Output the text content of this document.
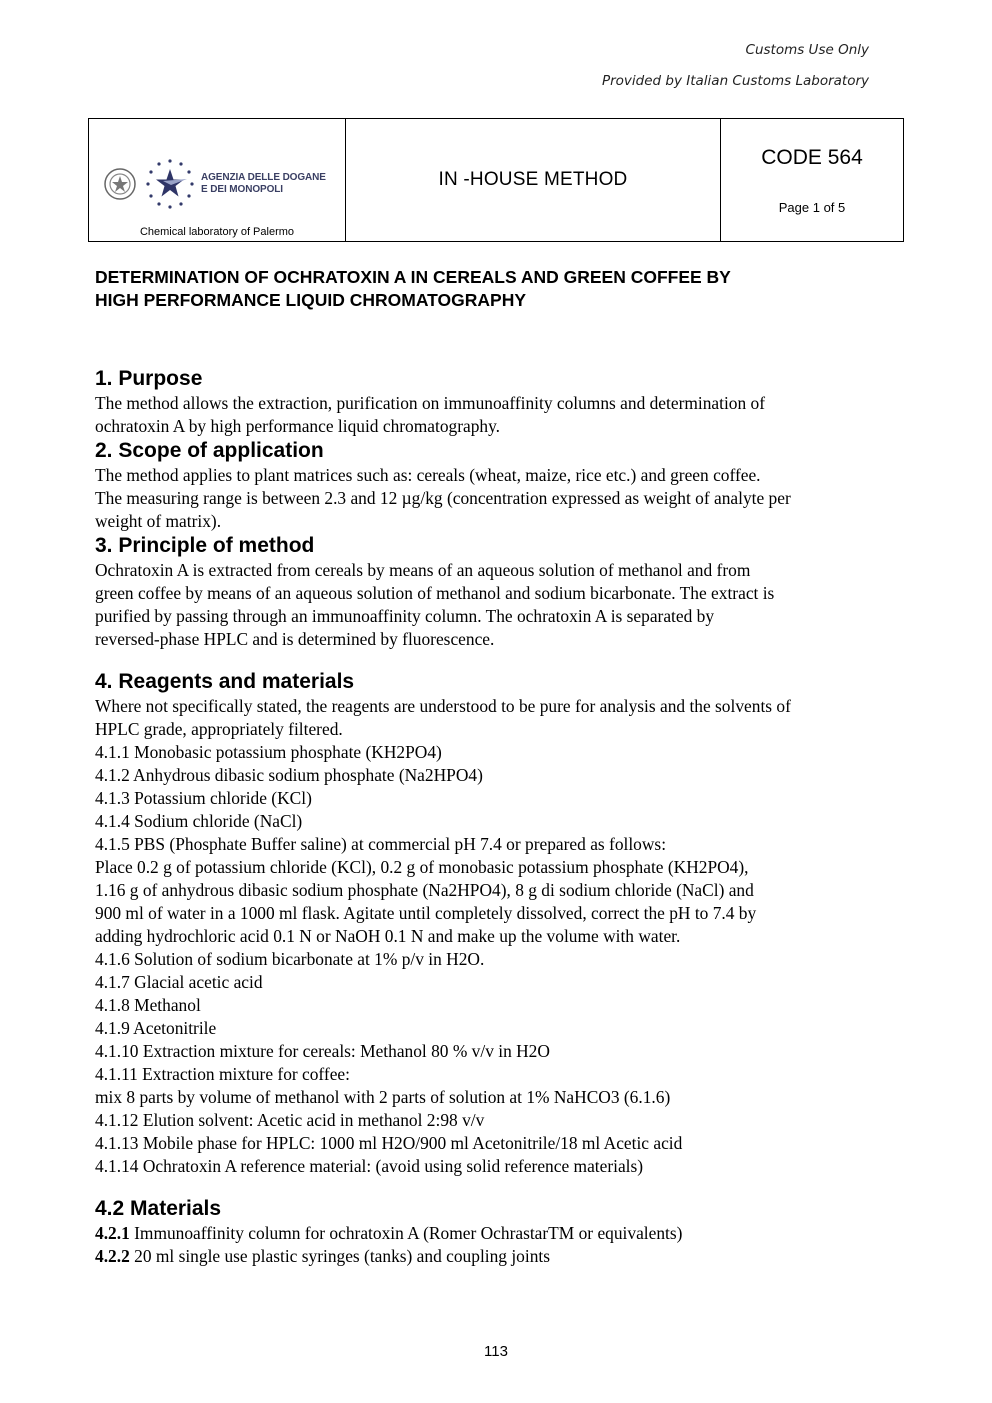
Customs Use Only
Provided by Italian Customs Laboratory
AGENZIA DELLE DOGANE
E DEI MONOPOLI
Chemical laboratory of Palermo
IN -HOUSE METHOD
CODE 564
Page 1 of 5
DETERMINATION OF OCHRATOXIN A IN CEREALS AND GREEN COFFEE BY
HIGH PERFORMANCE LIQUID CHROMATOGRAPHY
1. Purpose

The method allows the extraction, purification on immunoaffinity columns and determination of

ochratoxin A by high performance liquid chromatography.

2. Scope of application

The method applies to plant matrices such as: cereals (wheat, maize, rice etc.) and green coffee.

The measuring range is between 2.3 and 12 µg/kg (concentration expressed as weight of analyte per

weight of matrix).

3. Principle of method

Ochratoxin A is extracted from cereals by means of an aqueous solution of methanol and from

green coffee by means of an aqueous solution of methanol and sodium bicarbonate. The extract is

purified by passing through an immunoaffinity column. The ochratoxin A is separated by

reversed-phase HPLC and is determined by fluorescence.

4. Reagents and materials

Where not specifically stated, the reagents are understood to be pure for analysis and the solvents of

HPLC grade, appropriately filtered.

4.1.1 Monobasic potassium phosphate (KH2PO4)

4.1.2 Anhydrous dibasic sodium phosphate (Na2HPO4)

4.1.3 Potassium chloride (KCl)

4.1.4 Sodium chloride (NaCl)

4.1.5 PBS (Phosphate Buffer saline) at commercial pH 7.4 or prepared as follows:

Place 0.2 g of potassium chloride (KCl), 0.2 g of monobasic potassium phosphate (KH2PO4),

1.16 g of anhydrous dibasic sodium phosphate (Na2HPO4), 8 g di sodium chloride (NaCl) and

900 ml of water in a 1000 ml flask. Agitate until completely dissolved, correct the pH to 7.4 by

adding hydrochloric acid 0.1 N or NaOH 0.1 N and make up the volume with water.

4.1.6 Solution of sodium bicarbonate at 1% p/v in H2O.

4.1.7 Glacial acetic acid

4.1.8 Methanol

4.1.9 Acetonitrile

4.1.10 Extraction mixture for cereals: Methanol 80 % v/v in H2O

4.1.11 Extraction mixture for coffee:

mix 8 parts by volume of methanol with 2 parts of solution at 1% NaHCO3 (6.1.6)

4.1.12 Elution solvent: Acetic acid in methanol 2:98 v/v

4.1.13 Mobile phase for HPLC: 1000 ml H2O/900 ml Acetonitrile/18 ml Acetic acid

4.1.14 Ochratoxin A reference material: (avoid using solid reference materials)

4.2 Materials

4.2.1 Immunoaffinity column for ochratoxin A (Romer OchrastarTM or equivalents)

4.2.2 20 ml single use plastic syringes (tanks) and coupling joints

113
